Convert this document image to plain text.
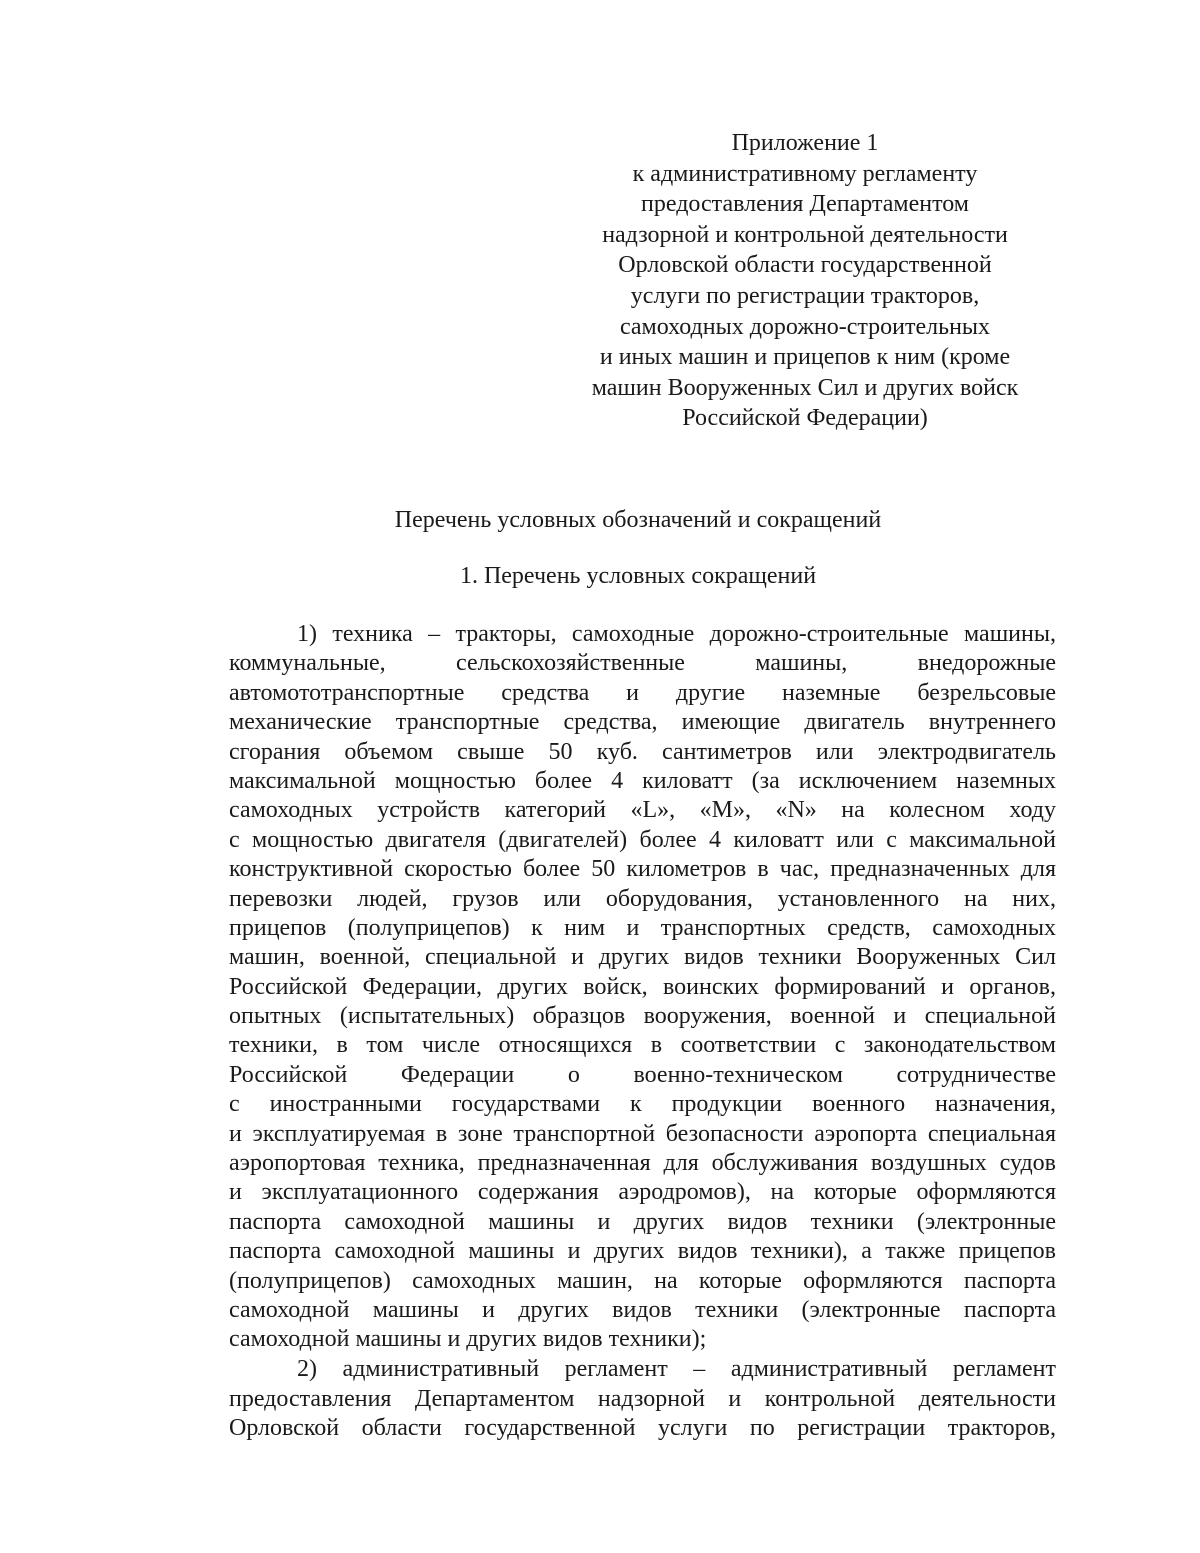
Приложение 1
к административному регламенту
предоставления Департаментом
надзорной и контрольной деятельности
Орловской области государственной
услуги по регистрации тракторов,
самоходных дорожно-строительных
и иных машин и прицепов к ним (кроме
машин Вооруженных Сил и других войск
Российской Федерации)
Перечень условных обозначений и сокращений
1. Перечень условных сокращений
1) техника – тракторы, самоходные дорожно-строительные машины,
коммунальные, сельскохозяйственные машины, внедорожные
автомототранспортные средства и другие наземные безрельсовые
механические транспортные средства, имеющие двигатель внутреннего
сгорания объемом свыше 50 куб. сантиметров или электродвигатель
максимальной мощностью более 4 киловатт (за исключением наземных
самоходных устройств категорий «L», «M», «N» на колесном ходу
с мощностью двигателя (двигателей) более 4 киловатт или с максимальной
конструктивной скоростью более 50 километров в час, предназначенных для
перевозки людей, грузов или оборудования, установленного на них,
прицепов (полуприцепов) к ним и транспортных средств, самоходных
машин, военной, специальной и других видов техники Вооруженных Сил
Российской Федерации, других войск, воинских формирований и органов,
опытных (испытательных) образцов вооружения, военной и специальной
техники, в том числе относящихся в соответствии с законодательством
Российской Федерации о военно-техническом сотрудничестве
с иностранными государствами к продукции военного назначения,
и эксплуатируемая в зоне транспортной безопасности аэропорта специальная
аэропортовая техника, предназначенная для обслуживания воздушных судов
и эксплуатационного содержания аэродромов), на которые оформляются
паспорта самоходной машины и других видов техники (электронные
паспорта самоходной машины и других видов техники), а также прицепов
(полуприцепов) самоходных машин, на которые оформляются паспорта
самоходной машины и других видов техники (электронные паспорта
самоходной машины и других видов техники);
2) административный регламент – административный регламент
предоставления Департаментом надзорной и контрольной деятельности
Орловской области государственной услуги по регистрации тракторов,
